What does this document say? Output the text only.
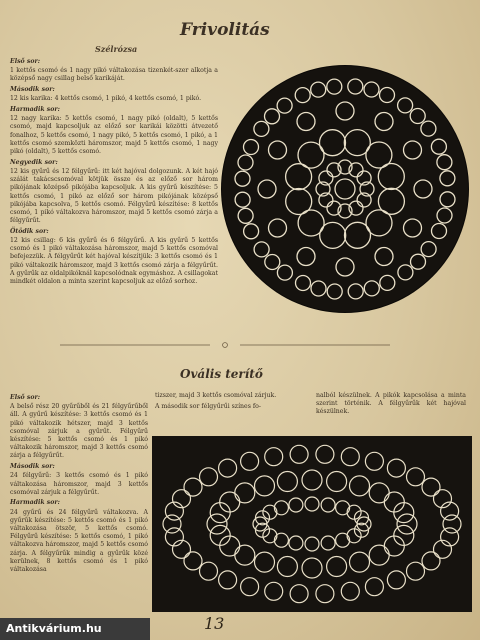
Frivolitás
Szélrózsa
Első sor:

1 kettős csomó és 1 nagy pikó váltakozása tizenkét-szer alkotja a középső nagy csillag belső karikáját.

Második sor:

12 kis karika: 4 kettős csomó, 1 pikó, 4 kettős csomó, 1 pikó.

Harmadik sor:

12 nagy karika: 5 kettős csomó, 1 nagy pikó (oldalt), 5 kettős csomó, majd kapcsoljuk az előző sor karikái közötti átvezető fonalhoz, 5 kettős csomó, 1 nagy pikó, 5 kettős csomó, 1 pikó, a 1 kettős csomó szemközti háromszor, majd 5 kettős csomó, 1 nagy pikó (oldalt), 5 kettős csomó.

Negyedik sor:

12 kis gyűrű és 12 félgyűrű: itt két hajóval dolgozunk. A két hajó szálát takácscsomóval kötjük össze és az előző sor három pikójának középső pikójába kapcsoljuk. A kis gyűrű készítése: 5 kettős csomó, 1 pikó az előző sor három pikójának középső pikójába kapcsolva, 5 kettős csomó. Félgyűrű készítése: 8 kettős csomó, 1 pikó váltakozva háromszor, majd 5 kettős csomó zárja a félgyűrűt.

Ötödik sor:

12 kis csillag: 6 kis gyűrű és 6 félgyűrű. A kis gyűrű 5 kettős csomó és 1 pikó váltakozása háromszor, majd 5 kettős csomóval befejezzük. A félgyűrűt két hajóval készítjük: 3 kettős csomó és 1 pikó váltakozik háromszor, majd 3 kettős csomó zárja a félgyűrűt. A gyűrűk az oldalpikóknál kapcsolódnak egymáshoz. A csillagokat mindkét oldalon a minta szerint kapcsoljuk az előző sorhoz.

Ovális terítő
Első sor:

A belső rész 20 gyűrűből és 21 félgyűrűből áll. A gyűrű készítése: 3 kettős csomó és 1 pikó váltakozik hétszer, majd 3 kettős csomóval zárjuk a gyűrűt. Félgyűrű készítése: 5 kettős csomó és 1 pikó váltakozik háromszor, majd 3 kettős csomó zárja a félgyűrűt.

Második sor:

24 félgyűrű: 3 kettős csomó és 1 pikó váltakozása háromszor, majd 3 kettős csomóval zárjuk a félgyűrűt.

Harmadik sor:

24 gyűrű és 24 félgyűrű váltakozva. A gyűrűk készítése: 5 kettős csomó és 1 pikó váltakozása ötször, 5 kettős csomó. Félgyűrű készítése: 5 kettős csomó, 1 pikó váltakozva háromszor, majd 5 kettős csomó zárja. A félgyűrűk mindig a gyűrűk közé kerülnek, 8 kettős csomó és 1 pikó váltakozása

tizszer, majd 3 kettős csomóval zárjuk.

A második sor félgyűrűi színes fo-

nalból készülnek. A pikók kapcsolása a minta szerint történik. A félgyűrűk két hajóval készülnek.

13
Antikvárium.hu
